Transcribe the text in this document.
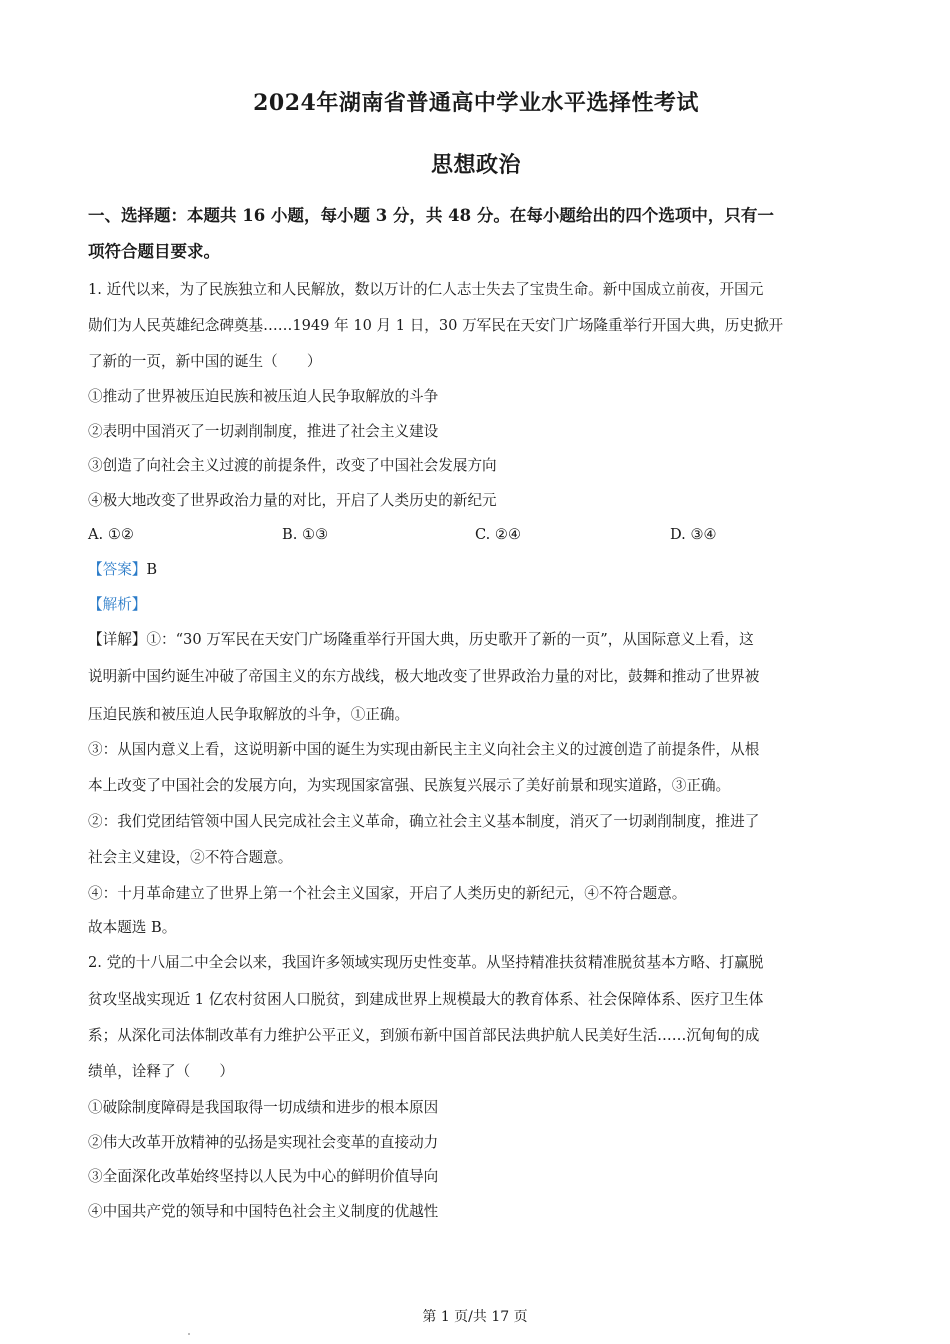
2024年湖南省普通高中学业水平选择性考试
思想政治
一、选择题：本题共 16 小题，每小题 3 分，共 48 分。在每小题给出的四个选项中，只有一
项符合题目要求。
1. 近代以来，为了民族独立和人民解放，数以万计的仁人志士失去了宝贵生命。新中国成立前夜，开国元
勋们为人民英雄纪念碑奠基……1949 年 10 月 1 日，30 万军民在天安门广场隆重举行开国大典，历史掀开
了新的一页，新中国的诞生（　　）
①推动了世界被压迫民族和被压迫人民争取解放的斗争
②表明中国消灭了一切剥削制度，推进了社会主义建设
③创造了向社会主义过渡的前提条件，改变了中国社会发展方向
④极大地改变了世界政治力量的对比，开启了人类历史的新纪元
A. ①②	B. ①③	C. ②④	D. ③④
【答案】B
【解析】
【详解】①：“30 万军民在天安门广场隆重举行开国大典，历史歌开了新的一页”，从国际意义上看，这
说明新中国约诞生冲破了帝国主义的东方战线，极大地改变了世界政治力量的对比，鼓舞和推动了世界被
压迫民族和被压迫人民争取解放的斗争，①正确。
③：从国内意义上看，这说明新中国的诞生为实现由新民主主义向社会主义的过渡创造了前提条件，从根
本上改变了中国社会的发展方向，为实现国家富强、民族复兴展示了美好前景和现实道路，③正确。
②：我们党团结管领中国人民完成社会主义革命，确立社会主义基本制度，消灭了一切剥削制度，推进了
社会主义建设，②不符合题意。
④：十月革命建立了世界上第一个社会主义国家，开启了人类历史的新纪元，④不符合题意。
故本题选 B。
2. 党的十八届二中全会以来，我国许多领域实现历史性变革。从坚持精准扶贫精准脱贫基本方略、打赢脱
贫攻坚战实现近 1 亿农村贫困人口脱贫，到建成世界上规模最大的教育体系、社会保障体系、医疗卫生体
系；从深化司法体制改革有力维护公平正义，到颁布新中国首部民法典护航人民美好生活……沉甸甸的成
绩单，诠释了（　　）
①破除制度障碍是我国取得一切成绩和进步的根本原因
②伟大改革开放精神的弘扬是实现社会变革的直接动力
③全面深化改革始终坚持以人民为中心的鲜明价值导向
④中国共产党的领导和中国特色社会主义制度的优越性
第 1 页/共 17 页
